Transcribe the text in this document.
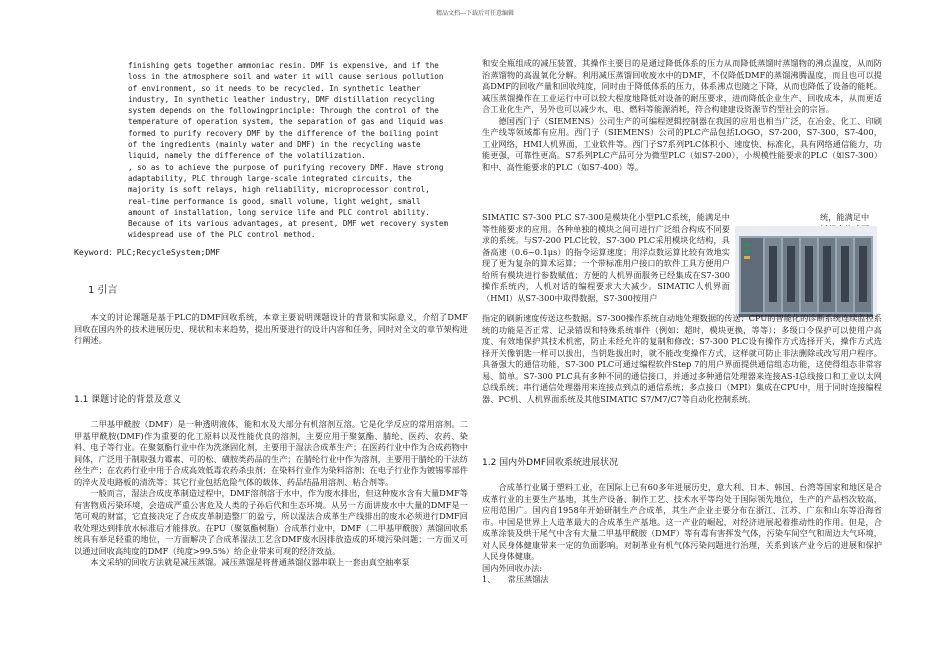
精品文档---下载后可任意编辑
finishing gets together ammoniac resin. DMF is expensive, and if the
loss in the atmosphere soil and water it will cause serious pollution
of environment, so it needs to be recycled. In synthetic leather
industry, In synthetic leather industry, DMF distillation recycling
system depends on the followingprinciple: Through the control of the
temperature of operation system, the separation of gas and liquid was
formed to purify recovery DMF by the difference of the boiling point
of the ingredients (mainly water and DMF) in the recycling waste
liquid, namely the difference of the volatilization.
, so as to achieve the purpose of purifying recovery DMF. Have strong
adaptability, PLC through large-scale integrated circuits, the
majority is soft relays, high reliability, microprocessor control,
real-time performance is good, small volume, light weight, small
amount of installation, long service life and PLC control ability.
Because of its various advantages, at present, DMF wet recovery system
widespread use of the PLC control method.
Keyword：PLC;RecycleSystem;DMF
1 引言

本文的讨论课题是基于PLC的DMF回收系统，本章主要说明课题设计的背景和实际意义，介绍了DMF回收在国内外的技术进展历史、现状和未来趋势，提出所要进行的设计内容和任务，同时对全文的章节架构进行阐述。

1.1 课题讨论的背景及意义

二甲基甲酰胺（DMF）是一种透明液体，能和水及大部分有机溶剂互溶。它是化学反应的常用溶剂。二甲基甲酰胺(DMF)作为重要的化工原料以及性能优良的溶剂，主要应用于聚氨酯、腈纶、医药、农药、染料、电子等行业。在聚氨酯行业中作为洗涤固化剂，主要用于湿法合成革生产；在医药行业中作为合成药物中间体，广泛用于制取强力霉素、可的松、磺胺类药品的生产；在腈纶行业中作为溶剂，主要用于腈纶的干法纺丝生产；在农药行业中用于合成高效低毒农药杀虫剂；在染料行业作为染料溶剂；在电子行业作为镀锡零部件的淬火及电路板的清洗等；其它行业包括危险气体的载体、药品结晶用溶剂、粘合剂等。

一般而言，湿法合成皮革制造过程中，DMF溶剂溶于水中，作为废水排出，但这种废水含有大量DMF等有害物质污染环境，会造成严重公害危及人类的子孙后代和生态环境。从另一方面讲废水中大量的DMF是一笔可观的财富，它直接决定了合成皮革制造整厂的盈亏，所以湿法合成革生产线排出的废水必须进行DMF回收处理达到排放水标准后才能排放。在PU（聚氨酯树脂）合成革行业中，DMF（二甲基甲酰胺）蒸馏回收系统具有举足轻重的地位，一方面解决了合成革湿法工艺含DMF废水因排放造成的环境污染问题；一方面又可以通过回收高纯度的DMF（纯度>99.5%）给企业带来可观的经济效益。

本文采纳的回收方法就是减压蒸馏。减压蒸馏是将普通蒸馏仪器串联上一套由真空抽率泵

和安全瓶组成的减压装置，其操作主要目的是通过降低体系的压力从而降低蒸馏时蒸馏物的沸点温度，从而防治蒸馏物的高温氧化分解。利用减压蒸馏回收废水中的DMF，不仅降低DMF的蒸馏沸腾温度，而且也可以提高DMF的回收产量和回收纯度，同时由于降低体系的压力，体系沸点也随之下降，从而也降低了设备的能耗。减压蒸馏操作在工业运行中可以较大程度地降低对设备的耐压要求，进而降低企业生产、回收成本，从而更适合工业化生产，另外也可以减少水、电、燃料等能源消耗，符合构建建设资源节约型社会的宗旨。

德国西门子（SIEMENS）公司生产的可编程逻辑控制器在我国的应用也相当广泛，在冶金、化工、印刷生产线等领域都有应用。西门子（SIEMENS）公司的PLC产品包括LOGO，S7-200，S7-300，S7-400，工业网络，HMI人机界面，工业软件等。西门子S7系列PLC体积小、速度快、标准化，具有网络通信能力，功能更强，可靠性更高。S7系列PLC产品可分为微型PLC（如S7-200），小规模性能要求的PLC（如S7-300）和中、高性能要求的PLC（如S7-400）等。

SIMATIC S7-300 PLC S7-300是模块化小型PLC系统，能满足中等性能要求的应用。各种单独的模块之间可进行广泛组合构成不同要求的系统。与S7-200 PLC比较，S7-300 PLC采用模块化结构，具备高速（0.6~0.1μs）的指令运算速度；用浮点数运算比较有效地实现了更为复杂的算术运算；一个带标准用户接口的软件工具方便用户给所有模块进行参数赋值；方便的人机界面服务已经集成在S7-300操作系统内，人机对话的编程要求大大减少。SIMATIC人机界面（HMI）从S7-300中取得数据，S7-300按用户
统，能满足中

指定的刷新速度传送这些数据。S7-300操作系统自动地处理数据的传送；CPU的智能化的诊断系统连续监控系统的功能是否正常、记录错误和特殊系统事件（例如：超时，模块更换，等等）；多级口令保护可以使用户高度、有效地保护其技术机密，防止未经允许的复制和修改；S7-300 PLC设有操作方式选择开关，操作方式选择开关像钥匙一样可以拔出，当钥匙拔出时，就不能改变操作方式，这样就可防止非法删除或改写用户程序。具备强大的通信功能，S7-300 PLC可通过编程软件Step 7的用户界面提供通信组态功能，这使得组态非常容易、简单。S7-300 PLC具有多种不同的通信接口，并通过多种通信处理器来连接AS-I总线接口和工业以太网总线系统；串行通信处理器用来连接点到点的通信系统；多点接口（MPI）集成在CPU中，用于同时连接编程器、PC机、人机界面系统及其他SIMATIC S7/M7/C7等自动化控制系统。

1.2 国内外DMF回收系统进展状况

合成革行业属于塑料工业，在国际上已有60多年进展历史，意大利、日本、韩国、台湾等国家和地区是合成革行业的主要生产基地，其生产设备、制作工艺、技术水平等均处于国际领先地位，生产的产品档次较高，应用范围广。国内自1958年开始研制生产合成革，其生产企业主要分布在浙江、江苏、广东和山东等沿海省市。中国是世界上人造革最大的合成革生产基地。这一产业的崛起，对经济进展起着推动性的作用。但是，合成革涂装及烘干尾气中含有大量二甲基甲酰胺（DMF）等有毒有害挥发气体，污染车间空气和周边大气环境，对人民身体健康带来一定的负面影响。对制革业有机气体污染问题进行治理，关系到该产业今后的进展和保护人民身体健康。

国内外回收办法:

1、　　常压蒸馏法
